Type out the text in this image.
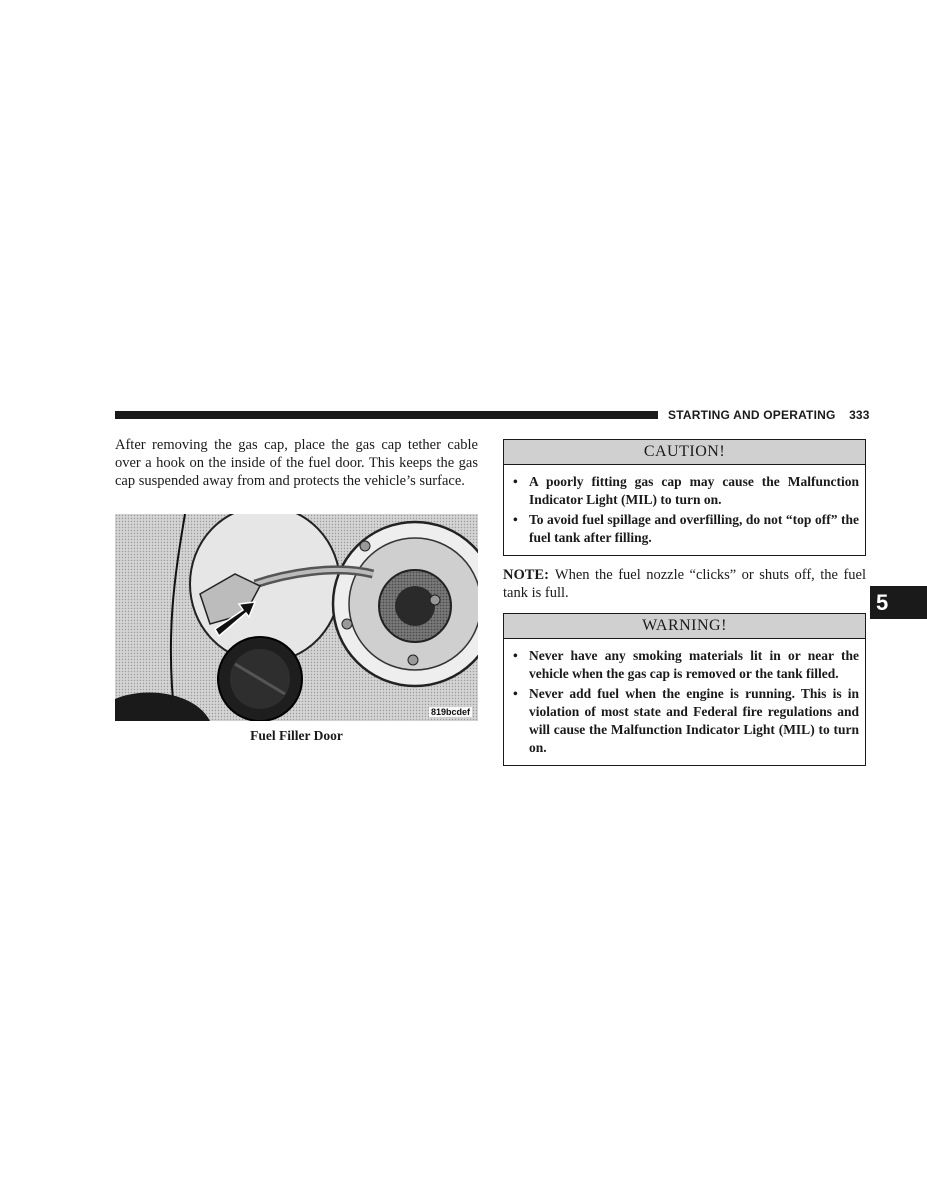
STARTING AND OPERATING 333

After removing the gas cap, place the gas cap tether cable over a hook on the inside of the fuel door. This keeps the gas cap suspended away from and protects the vehicle’s surface.

819bcdef
Fuel Filler Door
CAUTION!
• A poorly fitting gas cap may cause the Malfunction Indicator Light (MIL) to turn on.
• To avoid fuel spillage and overfilling, do not “top off” the fuel tank after filling.

NOTE: When the fuel nozzle “clicks” or shuts off, the fuel tank is full.

WARNING!
• Never have any smoking materials lit in or near the vehicle when the gas cap is removed or the tank filled.
• Never add fuel when the engine is running. This is in violation of most state and Federal fire regulations and will cause the Malfunction Indicator Light (MIL) to turn on.
5
